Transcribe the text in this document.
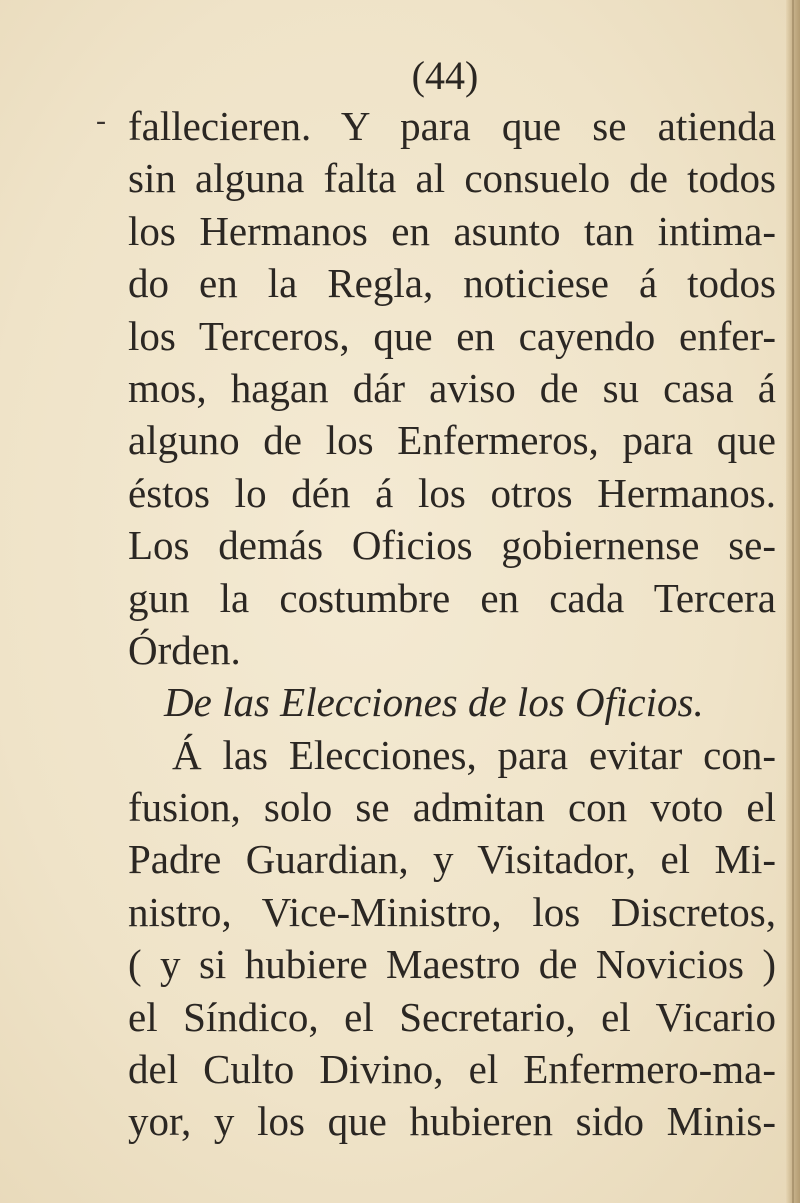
(44)
- fallecieren. Y para que se atienda
sin alguna falta al consuelo de todos
los Hermanos en asunto tan intima-
do en la Regla, noticiese á todos
los Terceros, que en cayendo enfer-
mos, hagan dár aviso de su casa á
alguno de los Enfermeros, para que
éstos lo dén á los otros Hermanos.
Los demás Oficios gobiernense se-
gun la costumbre en cada Tercera
Órden.
De las Elecciones de los Oficios.
Á las Elecciones, para evitar con-
fusion, solo se admitan con voto el
Padre Guardian, y Visitador, el Mi-
nistro, Vice-Ministro, los Discretos,
( y si hubiere Maestro de Novicios )
el Síndico, el Secretario, el Vicario
del Culto Divino, el Enfermero-ma-
yor, y los que hubieren sido Minis-
